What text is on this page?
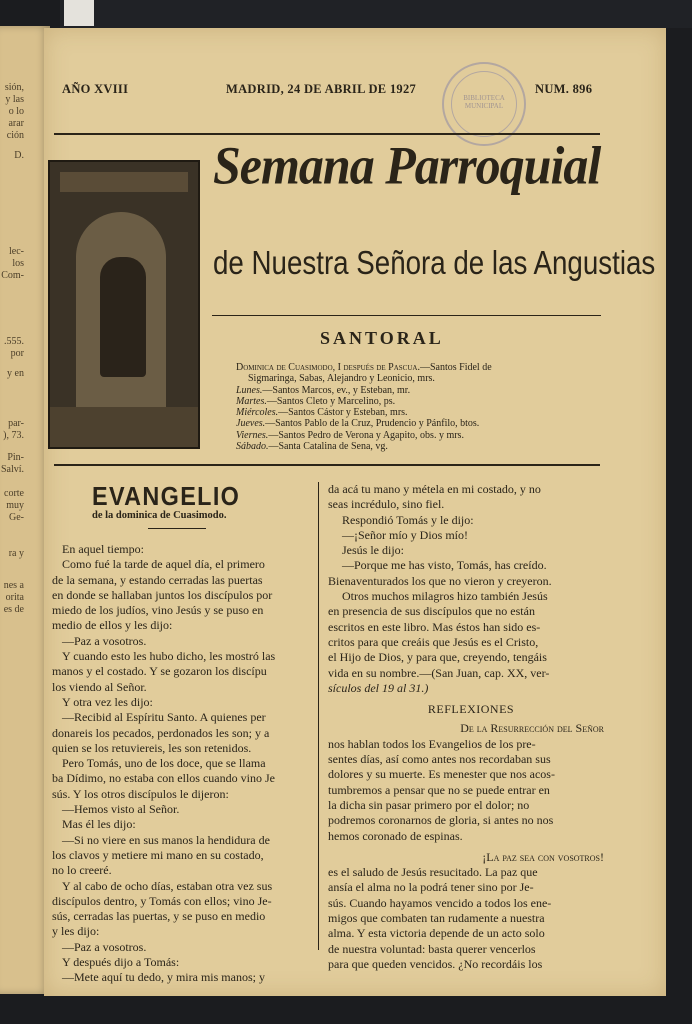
sión,
y las
o lo
arar
ción
D.
lec-
los
Com-
.555.
por
y en
par-
), 73.
Pin-
Salví.
corte
muy
Ge-
ra y
nes a
orita
es de
AÑO XVIII	MADRID, 24 DE ABRIL DE 1927	NUM. 896
BIBLIOTECA MUNICIPAL
Semana Parroquial
de Nuestra Señora de las Angustias
SANTORAL
Dominica de Cuasimodo, I después de Pascua.—Santos Fidel de
Sigmaringa, Sabas, Alejandro y Leonicio, mrs.
Lunes.—Santos Marcos, ev., y Esteban, mr.
Martes.—Santos Cleto y Marcelino, ps.
Miércoles.—Santos Cástor y Esteban, mrs.
Jueves.—Santos Pablo de la Cruz, Prudencio y Pánfilo, btos.
Viernes.—Santos Pedro de Verona y Agapito, obs. y mrs.
Sábado.—Santa Catalina de Sena, vg.
EVANGELIO
de la dominica de Cuasimodo.
En aquel tiempo:
Como fué la tarde de aquel día, el primero
de la semana, y estando cerradas las puertas
en donde se hallaban juntos los discípulos por
miedo de los judíos, vino Jesús y se puso en
medio de ellos y les dijo:
—Paz a vosotros.
Y cuando esto les hubo dicho, les mostró las
manos y el costado. Y se gozaron los discípu
los viendo al Señor.
Y otra vez les dijo:
—Recibid al Espíritu Santo. A quienes per
donareis los pecados, perdonados les son; y a
quien se los retuviereis, les son retenidos.
Pero Tomás, uno de los doce, que se llama
ba Dídimo, no estaba con ellos cuando vino Je
sús. Y los otros discípulos le dijeron:
—Hemos visto al Señor.
Mas él les dijo:
—Si no viere en sus manos la hendidura de
los clavos y metiere mi mano en su costado,
no lo creeré.
Y al cabo de ocho días, estaban otra vez sus
discípulos dentro, y Tomás con ellos; vino Je-
sús, cerradas las puertas, y se puso en medio
y les dijo:
—Paz a vosotros.
Y después dijo a Tomás:
—Mete aquí tu dedo, y mira mis manos; y
da acá tu mano y métela en mi costado, y no
seas incrédulo, sino fiel.
Respondió Tomás y le dijo:
—¡Señor mío y Dios mío!
Jesús le dijo:
—Porque me has visto, Tomás, has creído.
Bienaventurados los que no vieron y creyeron.
Otros muchos milagros hizo también Jesús
en presencia de sus discípulos que no están
escritos en este libro. Mas éstos han sido es-
critos para que creáis que Jesús es el Cristo,
el Hijo de Dios, y para que, creyendo, tengáis
vida en su nombre.—(San Juan, cap. XX, ver-
sículos del 19 al 31.)
REFLEXIONES
De la Resurrección del Señor
nos hablan todos los Evangelios de los pre-
sentes días, así como antes nos recordaban sus
dolores y su muerte. Es menester que nos acos-
tumbremos a pensar que no se puede entrar en
la dicha sin pasar primero por el dolor; no
podremos coronarnos de gloria, si antes no nos
hemos coronado de espinas.
¡La paz sea con vosotros!
es el saludo de Jesús resucitado. La paz que
ansía el alma no la podrá tener sino por Je-
sús. Cuando hayamos vencido a todos los ene-
migos que combaten tan rudamente a nuestra
alma. Y esta victoria depende de un acto solo
de nuestra voluntad: basta querer vencerlos
para que queden vencidos. ¿No recordáis los
